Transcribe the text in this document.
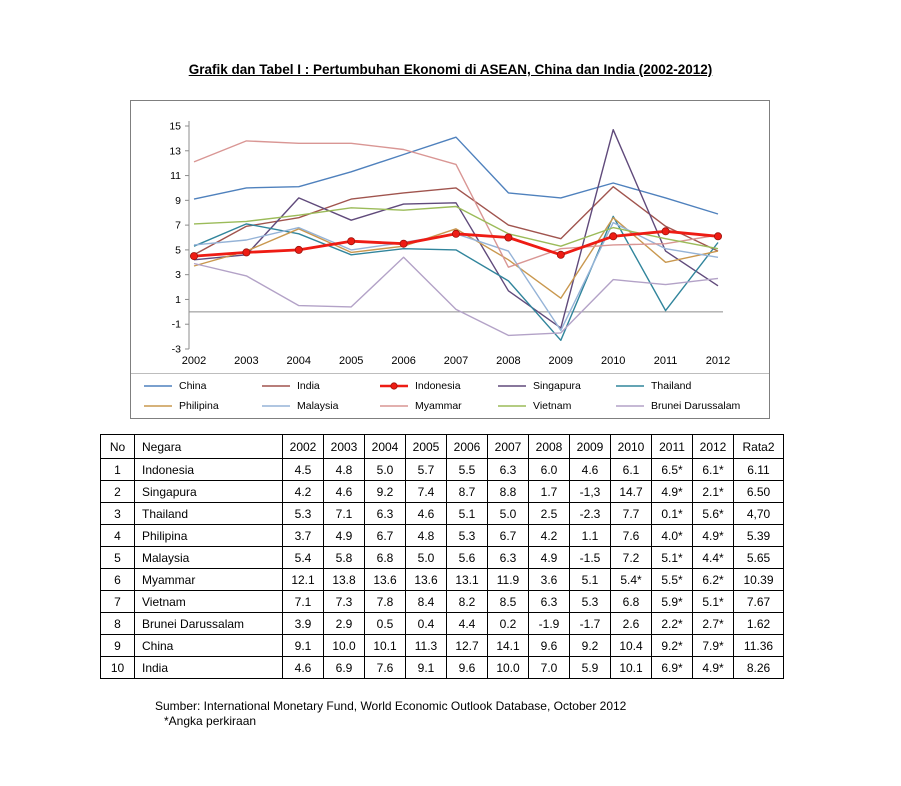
Grafik dan Tabel I : Pertumbuhan Ekonomi di ASEAN, China dan India (2002-2012)
15
13
11
9
7
5
3
1
-1
-3
2002	2003	2004	2005	2006	2007	2008	2009	2010	2011	2012
China	India	Indonesia	Singapura	Thailand
Philipina	Malaysia	Myammar	Vietnam	Brunei Darussalam
No	Negara	2002	2003	2004	2005	2006	2007	2008	2009	2010	2011	2012	Rata2
1	Indonesia	4.5	4.8	5.0	5.7	5.5	6.3	6.0	4.6	6.1	6.5*	6.1*	6.11
2	Singapura	4.2	4.6	9.2	7.4	8.7	8.8	1.7	-1,3	14.7	4.9*	2.1*	6.50
3	Thailand	5.3	7.1	6.3	4.6	5.1	5.0	2.5	-2.3	7.7	0.1*	5.6*	4,70
4	Philipina	3.7	4.9	6.7	4.8	5.3	6.7	4.2	1.1	7.6	4.0*	4.9*	5.39
5	Malaysia	5.4	5.8	6.8	5.0	5.6	6.3	4.9	-1.5	7.2	5.1*	4.4*	5.65
6	Myammar	12.1	13.8	13.6	13.6	13.1	11.9	3.6	5.1	5.4*	5.5*	6.2*	10.39
7	Vietnam	7.1	7.3	7.8	8.4	8.2	8.5	6.3	5.3	6.8	5.9*	5.1*	7.67
8	Brunei Darussalam	3.9	2.9	0.5	0.4	4.4	0.2	-1.9	-1.7	2.6	2.2*	2.7*	1.62
9	China	9.1	10.0	10.1	11.3	12.7	14.1	9.6	9.2	10.4	9.2*	7.9*	11.36
10	India	4.6	6.9	7.6	9.1	9.6	10.0	7.0	5.9	10.1	6.9*	4.9*	8.26
Sumber: International Monetary Fund, World Economic Outlook Database, October 2012
*Angka perkiraan
